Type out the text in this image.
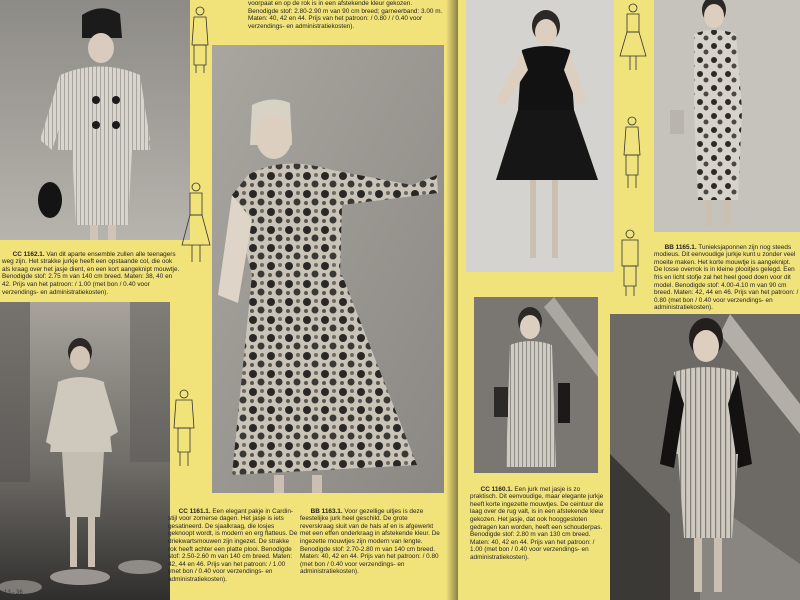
CC 1162.1. Van dit aparte ensemble zullen alle teenagers weg zijn. Het strakke jurkje heeft een opstaande col, die ook als kraag over het jasje dient, en een kort aangeknipt mouwtje. Benodigde stof: 2.75 m van 140 cm breed. Maten: 38, 40 en 42. Prijs van het patroon: / 1.00 (met bon / 0.40 voor verzendings- en administratiekosten).

13 - 36
voorpaat en op de rok is in een afstekende kleur gekozen. Benodigde stof: 2.80-2.90 m van 90 cm breed; garneerband: 3.00 m. Maten: 40, 42 en 44. Prijs van het patroon: / 0.80 / / 0.40 voor verzendings- en administratiekosten).

CC 1161.1. Een elegant pakje in Cardin-stijl voor zomerse dagen. Het jasje is iets gesatineerd. De sjaalkraag, die losjes geknoopt wordt, is modern en erg flatteus. De driekwartsmouwen zijn ingezet. De strakke rok heeft achter een platte plooi. Benodigde stof: 2.50-2.60 m van 140 cm breed. Maten: 42, 44 en 46. Prijs van het patroon: / 1.00 (met bon / 0.40 voor verzendings- en administratiekosten).

BB 1163.1. Voor gezellige uitjes is deze feestelijke jurk heel geschikt. De grote reverskraag sluit van de hals af en is afgewerkt met een effen onderkraag in afstekende kleur. De ingezette mouwtjes zijn modern van lengte. Benodigde stof: 2.70-2.80 m van 140 cm breed. Maten: 40, 42 en 44. Prijs van het patroon: / 0.80 (met bon / 0.40 voor verzendings- en administratiekosten).

BB 1165.1. Tunieksjaponnen zijn nog steeds modieus. Dit eenvoudige jurkje kunt u zonder veel moeite maken. Het korte mouwtje is aangeknipt. De losse overrok is in kleine plooitjes gelegd. Een fris en licht stofje zal het heel goed doen voor dit model. Benodigde stof: 4.00-4.10 m van 90 cm breed. Maten: 42, 44 en 46. Prijs van het patroon: / 0.80 (met bon / 0.40 voor verzendings- en administratiekosten).

CC 1160.1. Een jurk met jasje is zo praktisch. Dit eenvoudige, maar elegante jurkje heeft korte ingezette mouwtjes. De ceintuur die laag over de rug valt, is in een afstekende kleur gekozen. Het jasje, dat ook hooggesloten gedragen kan worden, heeft een schouderpas. Benodigde stof: 2.80 m van 130 cm breed. Maten: 40, 42 en 44. Prijs van het patroon: / 1.00 (met bon / 0.40 voor verzendings- en administratiekosten).
